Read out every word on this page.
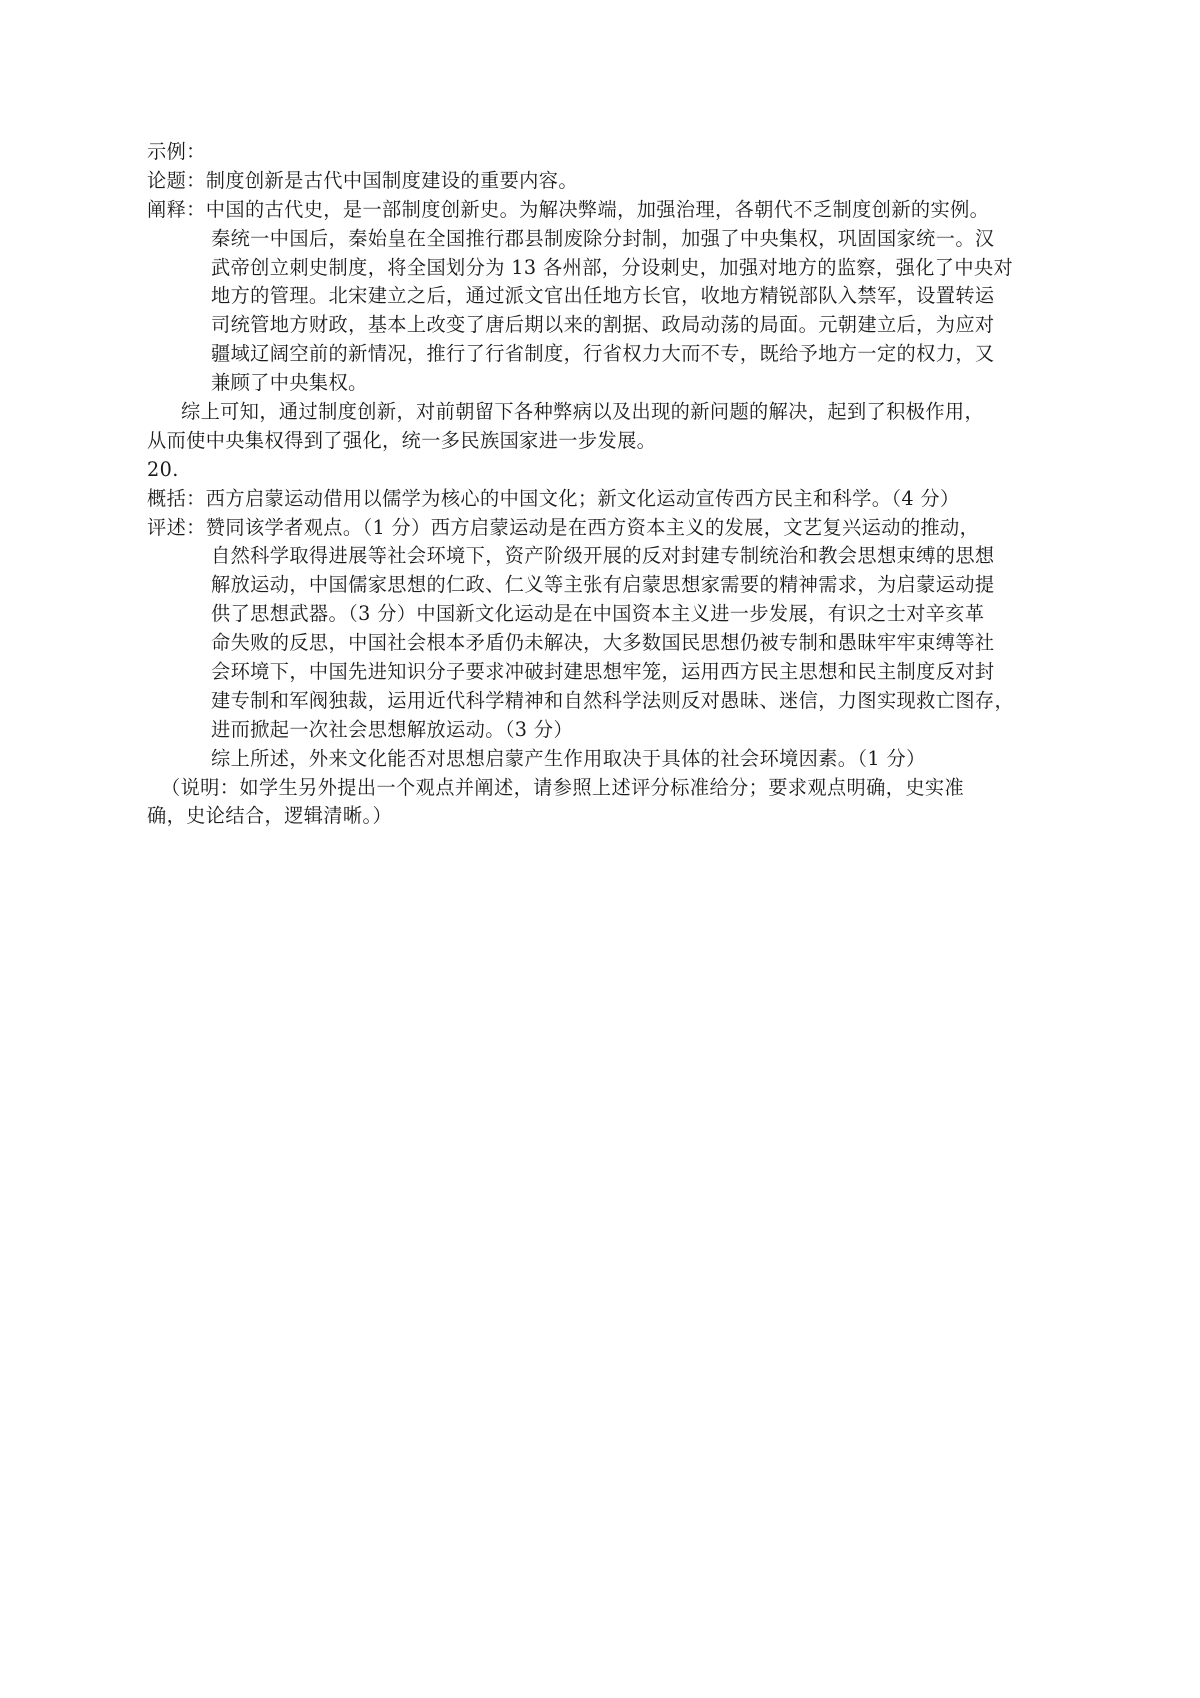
示例：
论题：制度创新是古代中国制度建设的重要内容。
阐释：中国的古代史，是一部制度创新史。为解决弊端，加强治理，各朝代不乏制度创新的实例。
秦统一中国后，秦始皇在全国推行郡县制废除分封制，加强了中央集权，巩固国家统一。汉
武帝创立刺史制度，将全国划分为 13 各州部，分设刺史，加强对地方的监察，强化了中央对
地方的管理。北宋建立之后，通过派文官出任地方长官，收地方精锐部队入禁军，设置转运
司统管地方财政，基本上改变了唐后期以来的割据、政局动荡的局面。元朝建立后，为应对
疆域辽阔空前的新情况，推行了行省制度，行省权力大而不专，既给予地方一定的权力，又
兼顾了中央集权。
综上可知，通过制度创新，对前朝留下各种弊病以及出现的新问题的解决，起到了积极作用，
从而使中央集权得到了强化，统一多民族国家进一步发展。
20.
概括：西方启蒙运动借用以儒学为核心的中国文化；新文化运动宣传西方民主和科学。（4 分）
评述：赞同该学者观点。（1 分）西方启蒙运动是在西方资本主义的发展，文艺复兴运动的推动，
自然科学取得进展等社会环境下，资产阶级开展的反对封建专制统治和教会思想束缚的思想
解放运动，中国儒家思想的仁政、仁义等主张有启蒙思想家需要的精神需求，为启蒙运动提
供了思想武器。（3 分）中国新文化运动是在中国资本主义进一步发展，有识之士对辛亥革
命失败的反思，中国社会根本矛盾仍未解决，大多数国民思想仍被专制和愚昧牢牢束缚等社
会环境下，中国先进知识分子要求冲破封建思想牢笼，运用西方民主思想和民主制度反对封
建专制和军阀独裁，运用近代科学精神和自然科学法则反对愚昧、迷信，力图实现救亡图存，
进而掀起一次社会思想解放运动。（3 分）
综上所述，外来文化能否对思想启蒙产生作用取决于具体的社会环境因素。（1 分）
（说明：如学生另外提出一个观点并阐述，请参照上述评分标准给分；要求观点明确，史实准
确，史论结合，逻辑清晰。）
